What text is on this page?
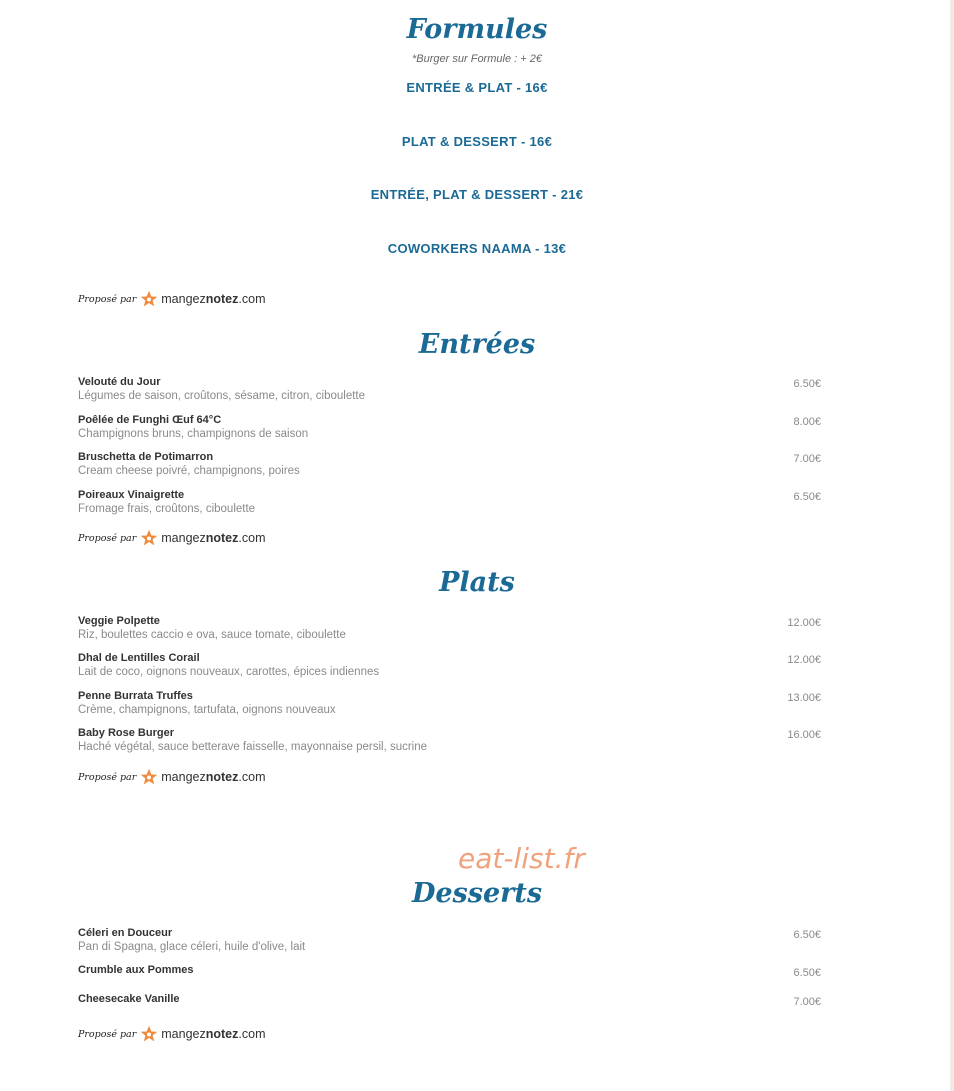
Formules
*Burger sur Formule : + 2€
ENTRÉE & PLAT - 16€
PLAT & DESSERT - 16€
ENTRÉE, PLAT & DESSERT - 21€
COWORKERS NAAMA - 13€
Proposé par mangeznotez.com
Entrées
Velouté du Jour
Légumes de saison, croûtons, sésame, citron, ciboulette
6.50€
Poêlée de Funghi Œuf 64°C
Champignons bruns, champignons de saison
8.00€
Bruschetta de Potimarron
Cream cheese poivré, champignons, poires
7.00€
Poireaux Vinaigrette
Fromage frais, croûtons, ciboulette
6.50€
Proposé par mangeznotez.com
Plats
Veggie Polpette
Riz, boulettes caccio e ova, sauce tomate, ciboulette
12.00€
Dhal de Lentilles Corail
Lait de coco, oignons nouveaux, carottes, épices indiennes
12.00€
Penne Burrata Truffes
Crème, champignons, tartufata, oignons nouveaux
13.00€
Baby Rose Burger
Haché végétal, sauce betterave faisselle, mayonnaise persil, sucrine
16.00€
Proposé par mangeznotez.com
eat-list.fr
Desserts
Céleri en Douceur
Pan di Spagna, glace céleri, huile d'olive, lait
6.50€
Crumble aux Pommes	6.50€
Cheesecake Vanille	7.00€
Proposé par mangeznotez.com
